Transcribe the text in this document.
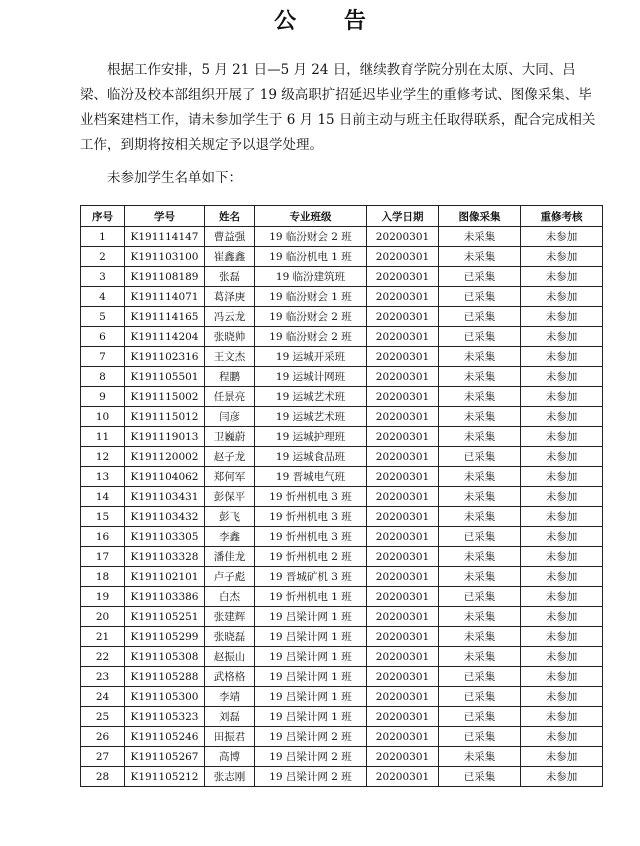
公 告
根据工作安排，5 月 21 日—5 月 24 日，继续教育学院分别在太原、大同、吕梁、临汾及校本部组织开展了 19 级高职扩招延迟毕业学生的重修考试、图像采集、毕业档案建档工作，请未参加学生于 6 月 15 日前主动与班主任取得联系，配合完成相关工作，到期将按相关规定予以退学处理。
未参加学生名单如下：
序号	学号	姓名	专业班级	入学日期	图像采集	重修考核
1	K191114147	曹益强	19 临汾财会 2 班	20200301	未采集	未参加
2	K191103100	崔鑫鑫	19 临汾机电 1 班	20200301	未采集	未参加
3	K191108189	张磊	19 临汾建筑班	20200301	已采集	未参加
4	K191114071	葛泽庚	19 临汾财会 1 班	20200301	已采集	未参加
5	K191114165	冯云龙	19 临汾财会 2 班	20200301	已采集	未参加
6	K191114204	张晓帅	19 临汾财会 2 班	20200301	已采集	未参加
7	K191102316	王文杰	19 运城开采班	20200301	未采集	未参加
8	K191105501	程鹏	19 运城计网班	20200301	未采集	未参加
9	K191115002	任景亮	19 运城艺术班	20200301	未采集	未参加
10	K191115012	闫彦	19 运城艺术班	20200301	未采集	未参加
11	K191119013	卫巍蔚	19 运城护理班	20200301	未采集	未参加
12	K191120002	赵子龙	19 运城食品班	20200301	已采集	未参加
13	K191104062	郑何军	19 晋城电气班	20200301	未采集	未参加
14	K191103431	彭保平	19 忻州机电 3 班	20200301	未采集	未参加
15	K191103432	彭飞	19 忻州机电 3 班	20200301	未采集	未参加
16	K191103305	李鑫	19 忻州机电 3 班	20200301	已采集	未参加
17	K191103328	潘佳龙	19 忻州机电 2 班	20200301	未采集	未参加
18	K191102101	卢子彪	19 晋城矿机 3 班	20200301	未采集	未参加
19	K191103386	白杰	19 忻州机电 1 班	20200301	已采集	未参加
20	K191105251	张建辉	19 吕梁计网 1 班	20200301	未采集	未参加
21	K191105299	张晓磊	19 吕梁计网 1 班	20200301	未采集	未参加
22	K191105308	赵振山	19 吕梁计网 1 班	20200301	未采集	未参加
23	K191105288	武格格	19 吕梁计网 1 班	20200301	已采集	未参加
24	K191105300	李靖	19 吕梁计网 1 班	20200301	已采集	未参加
25	K191105323	刘磊	19 吕梁计网 1 班	20200301	已采集	未参加
26	K191105246	田振君	19 吕梁计网 2 班	20200301	已采集	未参加
27	K191105267	高博	19 吕梁计网 2 班	20200301	未采集	未参加
28	K191105212	张志刚	19 吕梁计网 2 班	20200301	已采集	未参加
